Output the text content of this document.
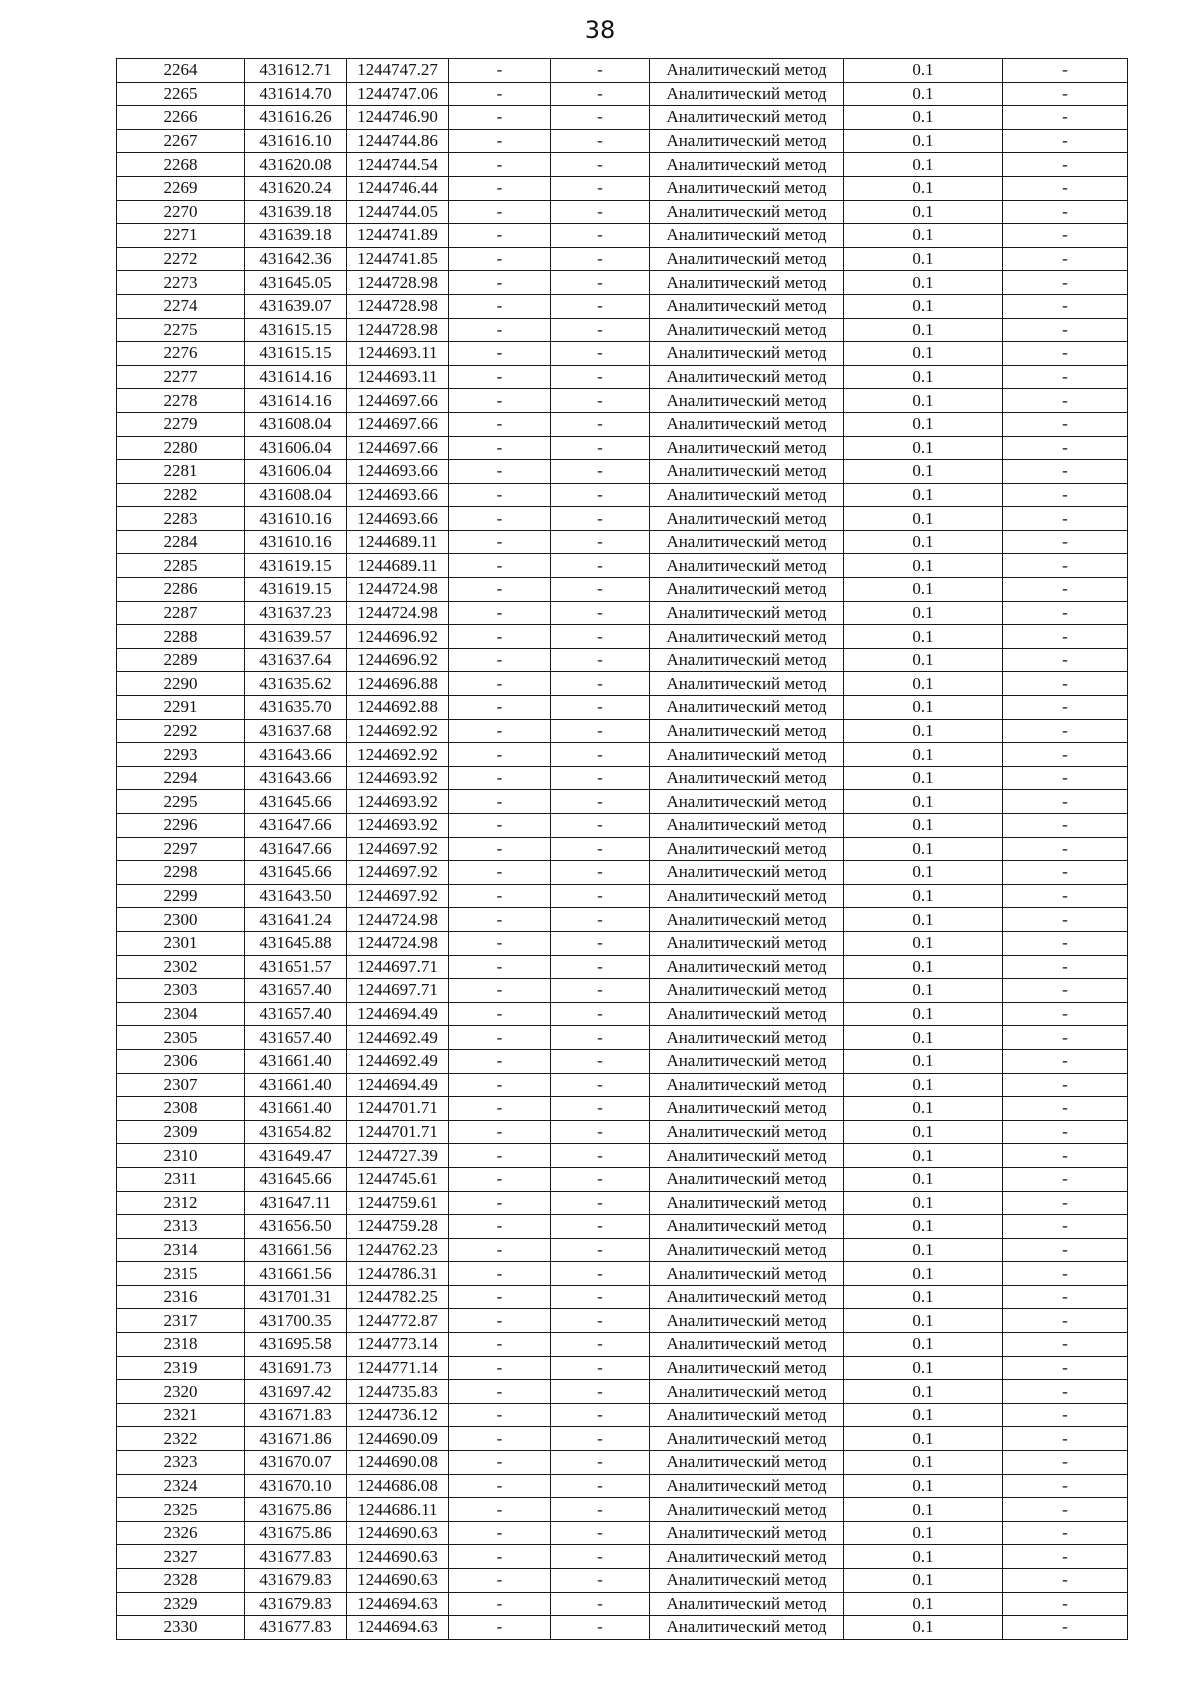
38
2264	431612.71	1244747.27	-	-	Аналитический метод	0.1	-
2265	431614.70	1244747.06	-	-	Аналитический метод	0.1	-
2266	431616.26	1244746.90	-	-	Аналитический метод	0.1	-
2267	431616.10	1244744.86	-	-	Аналитический метод	0.1	-
2268	431620.08	1244744.54	-	-	Аналитический метод	0.1	-
2269	431620.24	1244746.44	-	-	Аналитический метод	0.1	-
2270	431639.18	1244744.05	-	-	Аналитический метод	0.1	-
2271	431639.18	1244741.89	-	-	Аналитический метод	0.1	-
2272	431642.36	1244741.85	-	-	Аналитический метод	0.1	-
2273	431645.05	1244728.98	-	-	Аналитический метод	0.1	-
2274	431639.07	1244728.98	-	-	Аналитический метод	0.1	-
2275	431615.15	1244728.98	-	-	Аналитический метод	0.1	-
2276	431615.15	1244693.11	-	-	Аналитический метод	0.1	-
2277	431614.16	1244693.11	-	-	Аналитический метод	0.1	-
2278	431614.16	1244697.66	-	-	Аналитический метод	0.1	-
2279	431608.04	1244697.66	-	-	Аналитический метод	0.1	-
2280	431606.04	1244697.66	-	-	Аналитический метод	0.1	-
2281	431606.04	1244693.66	-	-	Аналитический метод	0.1	-
2282	431608.04	1244693.66	-	-	Аналитический метод	0.1	-
2283	431610.16	1244693.66	-	-	Аналитический метод	0.1	-
2284	431610.16	1244689.11	-	-	Аналитический метод	0.1	-
2285	431619.15	1244689.11	-	-	Аналитический метод	0.1	-
2286	431619.15	1244724.98	-	-	Аналитический метод	0.1	-
2287	431637.23	1244724.98	-	-	Аналитический метод	0.1	-
2288	431639.57	1244696.92	-	-	Аналитический метод	0.1	-
2289	431637.64	1244696.92	-	-	Аналитический метод	0.1	-
2290	431635.62	1244696.88	-	-	Аналитический метод	0.1	-
2291	431635.70	1244692.88	-	-	Аналитический метод	0.1	-
2292	431637.68	1244692.92	-	-	Аналитический метод	0.1	-
2293	431643.66	1244692.92	-	-	Аналитический метод	0.1	-
2294	431643.66	1244693.92	-	-	Аналитический метод	0.1	-
2295	431645.66	1244693.92	-	-	Аналитический метод	0.1	-
2296	431647.66	1244693.92	-	-	Аналитический метод	0.1	-
2297	431647.66	1244697.92	-	-	Аналитический метод	0.1	-
2298	431645.66	1244697.92	-	-	Аналитический метод	0.1	-
2299	431643.50	1244697.92	-	-	Аналитический метод	0.1	-
2300	431641.24	1244724.98	-	-	Аналитический метод	0.1	-
2301	431645.88	1244724.98	-	-	Аналитический метод	0.1	-
2302	431651.57	1244697.71	-	-	Аналитический метод	0.1	-
2303	431657.40	1244697.71	-	-	Аналитический метод	0.1	-
2304	431657.40	1244694.49	-	-	Аналитический метод	0.1	-
2305	431657.40	1244692.49	-	-	Аналитический метод	0.1	-
2306	431661.40	1244692.49	-	-	Аналитический метод	0.1	-
2307	431661.40	1244694.49	-	-	Аналитический метод	0.1	-
2308	431661.40	1244701.71	-	-	Аналитический метод	0.1	-
2309	431654.82	1244701.71	-	-	Аналитический метод	0.1	-
2310	431649.47	1244727.39	-	-	Аналитический метод	0.1	-
2311	431645.66	1244745.61	-	-	Аналитический метод	0.1	-
2312	431647.11	1244759.61	-	-	Аналитический метод	0.1	-
2313	431656.50	1244759.28	-	-	Аналитический метод	0.1	-
2314	431661.56	1244762.23	-	-	Аналитический метод	0.1	-
2315	431661.56	1244786.31	-	-	Аналитический метод	0.1	-
2316	431701.31	1244782.25	-	-	Аналитический метод	0.1	-
2317	431700.35	1244772.87	-	-	Аналитический метод	0.1	-
2318	431695.58	1244773.14	-	-	Аналитический метод	0.1	-
2319	431691.73	1244771.14	-	-	Аналитический метод	0.1	-
2320	431697.42	1244735.83	-	-	Аналитический метод	0.1	-
2321	431671.83	1244736.12	-	-	Аналитический метод	0.1	-
2322	431671.86	1244690.09	-	-	Аналитический метод	0.1	-
2323	431670.07	1244690.08	-	-	Аналитический метод	0.1	-
2324	431670.10	1244686.08	-	-	Аналитический метод	0.1	-
2325	431675.86	1244686.11	-	-	Аналитический метод	0.1	-
2326	431675.86	1244690.63	-	-	Аналитический метод	0.1	-
2327	431677.83	1244690.63	-	-	Аналитический метод	0.1	-
2328	431679.83	1244690.63	-	-	Аналитический метод	0.1	-
2329	431679.83	1244694.63	-	-	Аналитический метод	0.1	-
2330	431677.83	1244694.63	-	-	Аналитический метод	0.1	-
